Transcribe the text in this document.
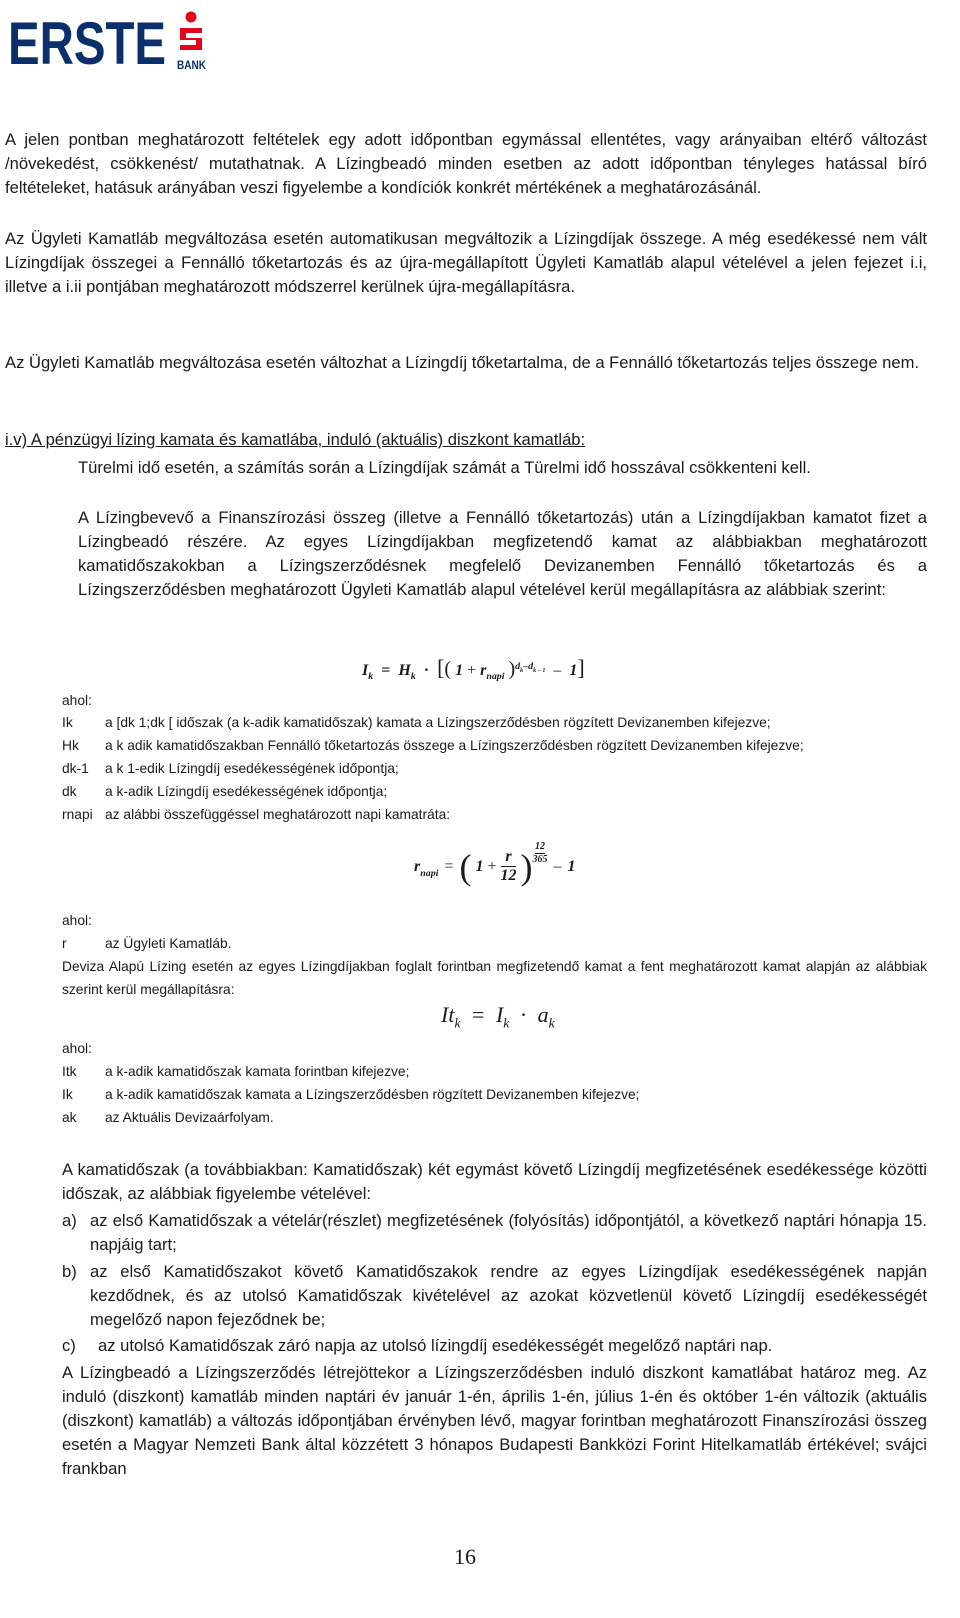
ERSTE BANK
A jelen pontban meghatározott feltételek egy adott időpontban egymással ellentétes, vagy arányaiban eltérő változást /növekedést, csökkenést/ mutathatnak. A Lízingbeadó minden esetben az adott időpontban tényleges hatással bíró feltételeket, hatásuk arányában veszi figyelembe a kondíciók konkrét mértékének a meghatározásánál.
Az Ügyleti Kamatláb megváltozása esetén automatikusan megváltozik a Lízingdíjak összege. A még esedékessé nem vált Lízingdíjak összegei a Fennálló tőketartozás és az újra-megállapított Ügyleti Kamatláb alapul vételével a jelen fejezet i.i, illetve a i.ii pontjában meghatározott módszerrel kerülnek újra-megállapításra.
Az Ügyleti Kamatláb megváltozása esetén változhat a Lízingdíj tőketartalma, de a Fennálló tőketartozás teljes összege nem.
i.v) A pénzügyi lízing kamata és kamatlába, induló (aktuális) diszkont kamatláb:
Türelmi idő esetén, a számítás során a Lízingdíjak számát a Türelmi idő hosszával csökkenteni kell.
A Lízingbevevő a Finanszírozási összeg (illetve a Fennálló tőketartozás) után a Lízingdíjakban kamatot fizet a Lízingbeadó részére. Az egyes Lízingdíjakban megfizetendő kamat az alábbiakban meghatározott kamatidőszakokban a Lízingszerződésnek megfelelő Devizanemben Fennálló tőketartozás és a Lízingszerződésben meghatározott Ügyleti Kamatláb alapul vételével kerül megállapításra az alábbiak szerint:
$I_k = H_k$ · [( $1 + r_{napi}$ )$^{d_k-d_{k - 1}}$ – 1]
ahol:
Ik	a [dk 1;dk [ időszak (a k-adik kamatidőszak) kamata a Lízingszerződésben rögzített Devizanemben kifejezve;
Hk	a k adik kamatidőszakban Fennálló tőketartozás összege a Lízingszerződésben rögzített Devizanemben kifejezve;
dk-1	a k 1-edik Lízingdíj esedékességének időpontja;
dk	a k-adik Lízingdíj esedékességének időpontja;
rnapi az alábbi összefüggéssel meghatározott napi kamatráta:
$r_{napi}$ = ( $1 + \frac{r}{12}$ ) 12
365 – 1
ahol:
r	az Ügyleti Kamatláb.
Deviza Alapú Lízing esetén az egyes Lízingdíjakban foglalt forintban megfizetendő kamat a fent meghatározott kamat alapján az alábbiak szerint kerül megállapításra:
$It_k = I_k \cdot a_k$
ahol:
Itk	a k-adik kamatidőszak kamata forintban kifejezve;
Ik	a k-adik kamatidőszak kamata a Lízingszerződésben rögzített Devizanemben kifejezve;
ak	az Aktuális Devizaárfolyam.
A kamatidőszak (a továbbiakban: Kamatidőszak) két egymást követő Lízingdíj megfizetésének esedékessége közötti időszak, az alábbiak figyelembe vételével:
a) az első Kamatidőszak a vételár(részlet) megfizetésének (folyósítás) időpontjától, a következő naptári hónapja 15. napjáig tart;
b) az első Kamatidőszakot követő Kamatidőszakok rendre az egyes Lízingdíjak esedékességének napján kezdődnek, és az utolsó Kamatidőszak kivételével az azokat közvetlenül követő Lízingdíj esedékességét megelőző napon fejeződnek be;
c)	az utolsó Kamatidőszak záró napja az utolsó lízingdíj esedékességét megelőző naptári nap.
A Lízingbeadó a Lízingszerződés létrejöttekor a Lízingszerződésben induló diszkont kamatlábat határoz meg. Az induló (diszkont) kamatláb minden naptári év január 1-én, április 1-én, július 1-én és október 1-én változik (aktuális (diszkont) kamatláb) a változás időpontjában érvényben lévő, magyar forintban meghatározott Finanszírozási összeg esetén a Magyar Nemzeti Bank által közzétett 3 hónapos Budapesti Bankközi Forint Hitelkamatláb értékével; svájci frankban
16
